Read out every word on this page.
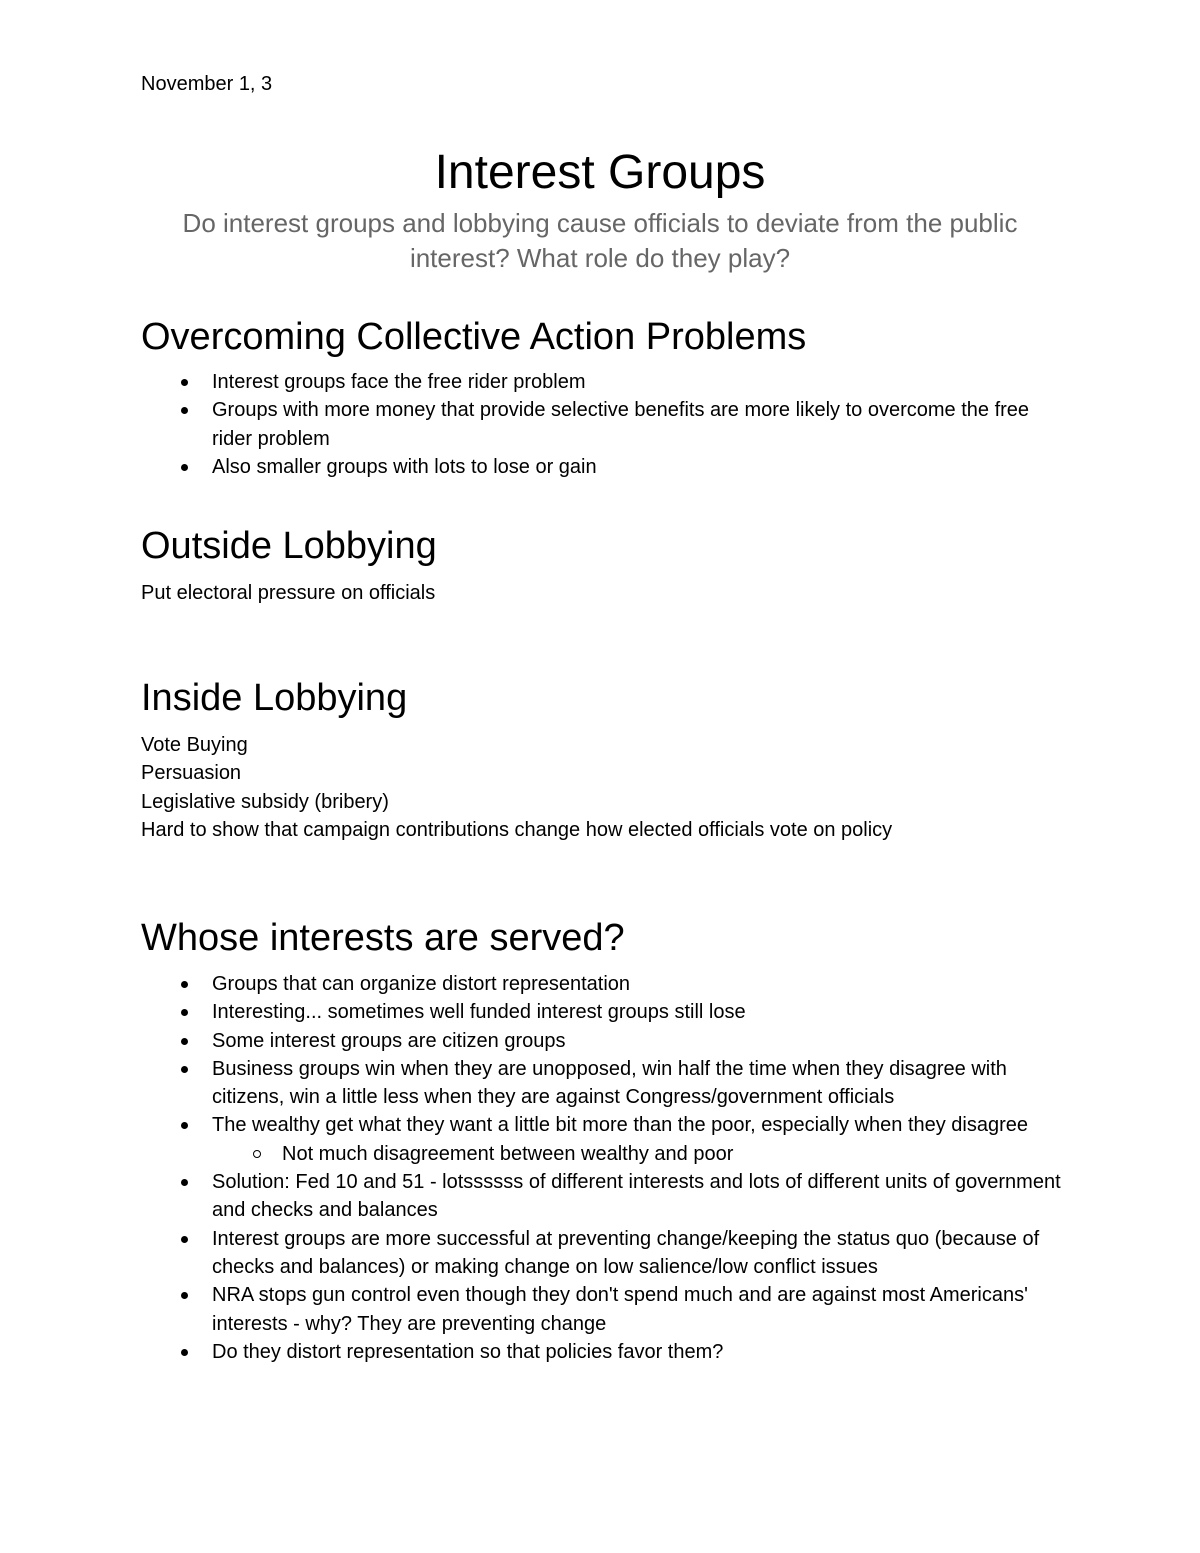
November 1, 3
Interest Groups
Do interest groups and lobbying cause officials to deviate from the public interest? What role do they play?
Overcoming Collective Action Problems
Interest groups face the free rider problem
Groups with more money that provide selective benefits are more likely to overcome the free rider problem
Also smaller groups with lots to lose or gain
Outside Lobbying
Put electoral pressure on officials
Inside Lobbying
Vote Buying
Persuasion
Legislative subsidy (bribery)
Hard to show that campaign contributions change how elected officials vote on policy
Whose interests are served?
Groups that can organize distort representation
Interesting... sometimes well funded interest groups still lose
Some interest groups are citizen groups
Business groups win when they are unopposed, win half the time when they disagree with citizens, win a little less when they are against Congress/government officials
The wealthy get what they want a little bit more than the poor, especially when they disagree
Not much disagreement between wealthy and poor
Solution: Fed 10 and 51 - lotssssss of different interests and lots of different units of government and checks and balances
Interest groups are more successful at preventing change/keeping the status quo (because of checks and balances) or making change on low salience/low conflict issues
NRA stops gun control even though they don't spend much and are against most Americans' interests - why? They are preventing change
Do they distort representation so that policies favor them?
